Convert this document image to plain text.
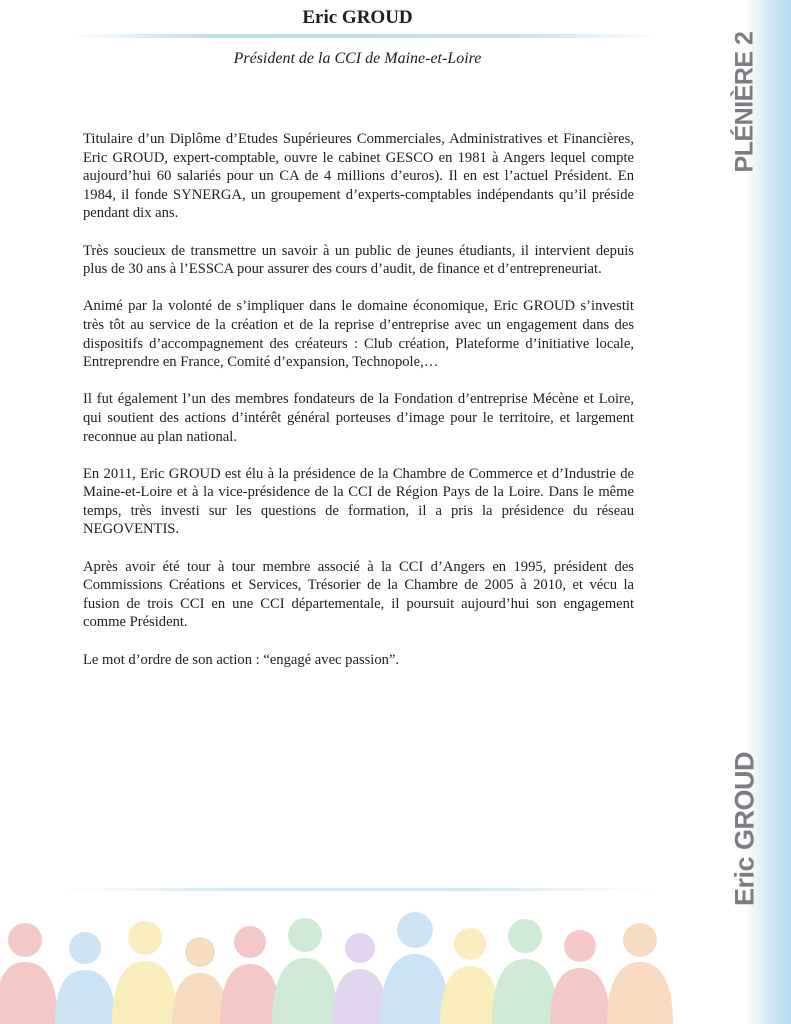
Eric GROUD

Président de la CCI de Maine-et-Loire

Titulaire d’un Diplôme d’Etudes Supérieures Commerciales, Administratives et Financières, Eric GROUD, expert-comptable, ouvre le cabinet GESCO en 1981 à Angers lequel compte aujourd’hui 60 salariés pour un CA de 4 millions d’euros). Il en est l’actuel Président. En 1984, il fonde SYNERGA, un groupement d’experts-comptables indépendants qu’il préside pendant dix ans.

Très soucieux de transmettre un savoir à un public de jeunes étudiants, il intervient depuis plus de 30 ans à l’ESSCA pour assurer des cours d’audit, de finance et d’entrepreneuriat.

Animé par la volonté de s’impliquer dans le domaine économique, Eric GROUD s’investit très tôt au service de la création et de la reprise d’entreprise avec un engagement dans des dispositifs d’accompagnement des créateurs : Club création, Plateforme d’initiative locale, Entreprendre en France, Comité d’expansion, Technopole,…

Il fut également l’un des membres fondateurs de la Fondation d’entreprise Mécène et Loire, qui soutient des actions d’intérêt général porteuses d’image pour le territoire, et largement reconnue au plan national.

En 2011, Eric GROUD est élu à la présidence de la Chambre de Commerce et d’Industrie de Maine-et-Loire et à la vice-présidence de la CCI de Région Pays de la Loire. Dans le même temps, très investi sur les questions de formation, il a pris la présidence du réseau NEGOVENTIS.

Après avoir été tour à tour membre associé à la CCI d’Angers en 1995, président des Commissions Créations et Services, Trésorier de la Chambre de 2005 à 2010, et vécu la fusion de trois CCI en une CCI départementale, il poursuit aujourd’hui son engagement comme Président.

Le mot d’ordre de son action : “engagé avec passion”.

PLÉNIÈRE 2
Eric GROUD
